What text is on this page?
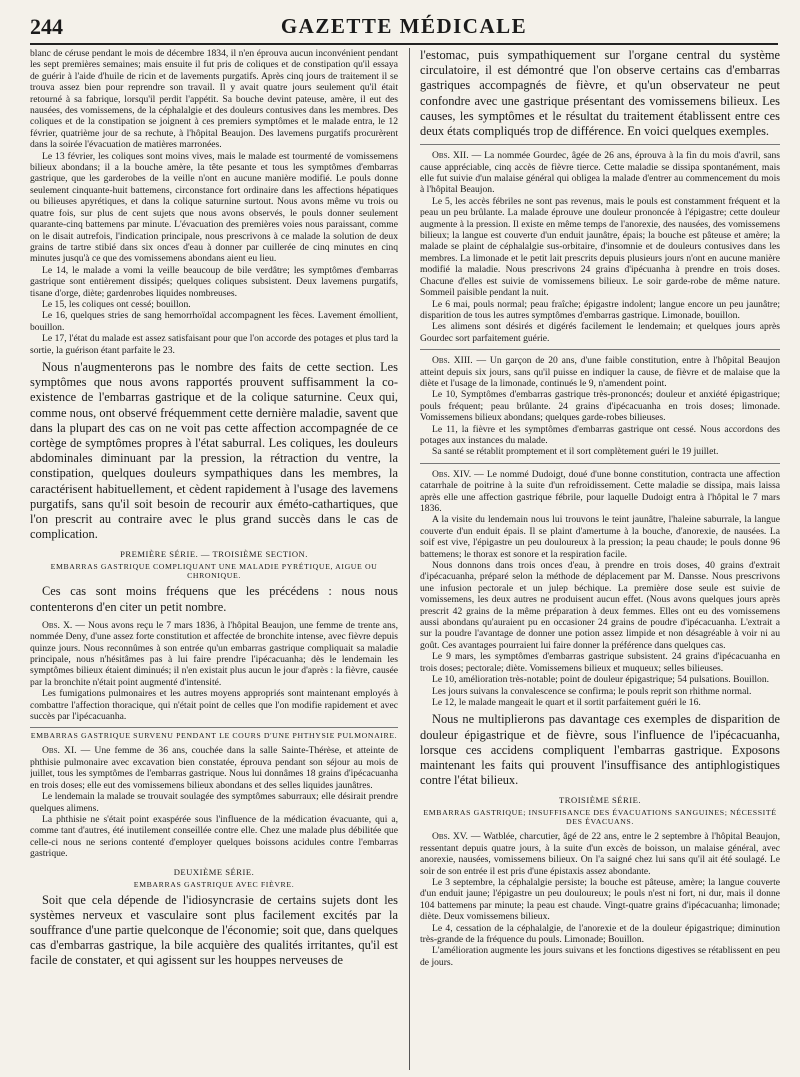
244	GAZETTE MÉDICALE

blanc de céruse pendant le mois de décembre 1834, il n'en éprouva aucun inconvénient pendant les sept premières semaines; mais ensuite il fut pris de coliques et de constipation qu'il essaya de guérir à l'aide d'huile de ricin et de lavements purgatifs. Après cinq jours de traitement il se trouva assez bien pour reprendre son travail. Il y avait quatre jours seulement qu'il était retourné à sa fabrique, lorsqu'il perdit l'appétit. Sa bouche devint pateuse, amère, il eut des nausées, des vomissemens, de la céphalalgie et des douleurs contusives dans les membres. Des coliques et de la constipation se joignent à ces premiers symptômes et le malade entra, le 12 février, quatrième jour de sa rechute, à l'hôpital Beaujon. Des lavemens purgatifs procurèrent dans la soirée l'évacuation de matières marronées.

Le 13 février, les coliques sont moins vives, mais le malade est tourmenté de vomissemens bilieux abondans; il a la bouche amère, la tête pesante et tous les symptômes d'embarras gastrique, que les garderobes de la veille n'ont en aucune manière modifié. Le pouls donne seulement cinquante-huit battemens, circonstance fort ordinaire dans les affections hépatiques ou bilieuses apyrétiques, et dans la colique saturnine surtout. Nous avons même vu trois ou quatre fois, sur plus de cent sujets que nous avons observés, le pouls donner seulement quarante-cinq battemens par minute. L'évacuation des premières voies nous paraissant, comme on le disait autrefois, l'indication principale, nous prescrivons à ce malade la solution de deux grains de tartre stibié dans six onces d'eau à donner par cuillerée de cinq minutes en cinq minutes jusqu'à ce que des vomissemens abondans aient eu lieu.

Le 14, le malade a vomi la veille beaucoup de bile verdâtre; les symptômes d'embarras gastrique sont entièrement dissipés; quelques coliques subsistent. Deux lavemens purgatifs, tisane d'orge, diète; gardenrobes liquides nombreuses.

Le 15, les coliques ont cessé; bouillon.

Le 16, quelques stries de sang hemorrhoïdal accompagnent les fèces. Lavement émollient, bouillon.

Le 17, l'état du malade est assez satisfaisant pour que l'on accorde des potages et plus tard la sortie, la guérison étant parfaite le 23.

Nous n'augmenterons pas le nombre des faits de cette section. Les symptômes que nous avons rapportés prouvent suffisamment la co-existence de l'embarras gastrique et de la colique saturnine. Ceux qui, comme nous, ont observé fréquemment cette dernière maladie, savent que dans la plupart des cas on ne voit pas cette affection accompagnée de ce cortège de symptômes propres à l'état saburral. Les coliques, les douleurs abdominales diminuant par la pression, la rétraction du ventre, la constipation, quelques douleurs sympathiques dans les membres, la caractérisent habituellement, et cèdent rapidement à l'usage des lavemens purgatifs, sans qu'il soit besoin de recourir aux éméto-cathartiques, que l'on prescrit au contraire avec le plus grand succès dans le cas de complication.

PREMIÈRE SÉRIE. — TROISIÈME SECTION.
EMBARRAS GASTRIQUE COMPLIQUANT UNE MALADIE PYRÉTIQUE, AIGUE OU CHRONIQUE.

Ces cas sont moins fréquens que les précédens : nous nous contenterons d'en citer un petit nombre.

Obs. X. — Nous avons reçu le 7 mars 1836, à l'hôpital Beaujon, une femme de trente ans, nommée Deny, d'une assez forte constitution et affectée de bronchite intense, avec fièvre depuis quinze jours. Nous reconnûmes à son entrée qu'un embarras gastrique compliquait sa maladie principale, nous n'hésitâmes pas à lui faire prendre l'ipécacuanha; dès le lendemain les symptômes bilieux étaient diminués; il n'en existait plus aucun le jour d'après : la fièvre, causée par la bronchite n'était point augmenté d'intensité.

Les fumigations pulmonaires et les autres moyens appropriés sont maintenant employés à combattre l'affection thoracique, qui n'était point de celles que l'on modifie rapidement et avec succès par l'ipécacuanha.

EMBARRAS GASTRIQUE SURVENU PENDANT LE COURS D'UNE PHTHYSIE PULMONAIRE.

Obs. XI. — Une femme de 36 ans, couchée dans la salle Sainte-Thérèse, et atteinte de phthisie pulmonaire avec excavation bien constatée, éprouva pendant son séjour au mois de juillet, tous les symptômes de l'embarras gastrique. Nous lui donnâmes 18 grains d'ipécacuanha en trois doses; elle eut des vomissemens bilieux abondans et des selles liquides jaunâtres.

Le lendemain la malade se trouvait soulagée des symptômes saburraux; elle désirait prendre quelques alimens.

La phthisie ne s'était point exaspérée sous l'influence de la médication évacuante, qui a, comme tant d'autres, été inutilement conseillée contre elle. Chez une malade plus débilitée que celle-ci nous ne serions contenté d'employer quelques boissons acidules contre l'embarras gastrique.

DEUXIÈME SÉRIE.
EMBARRAS GASTRIQUE AVEC FIÈVRE.

Soit que cela dépende de l'idiosyncrasie de certains sujets dont les systèmes nerveux et vasculaire sont plus facilement excités par la souffrance d'une partie quelconque de l'économie; soit que, dans quelques cas d'embarras gastrique, la bile acquière des qualités irritantes, qu'il est facile de constater, et qui agissent sur les houppes nerveuses de

l'estomac, puis sympathiquement sur l'organe central du système circulatoire, il est démontré que l'on observe certains cas d'embarras gastriques accompagnés de fièvre, et qu'un observateur ne peut confondre avec une gastrique présentant des vomissemens bilieux. Les causes, les symptômes et le résultat du traitement établissent entre ces deux états compliqués trop de différence. En voici quelques exemples.

Obs. XII. — La nommée Gourdec, âgée de 26 ans, éprouva à la fin du mois d'avril, sans cause appréciable, cinq accès de fièvre tierce. Cette maladie se dissipa spontanément, mais elle fut suivie d'un malaise général qui obligea la malade d'entrer au commencement du mois à l'hôpital Beaujon.

Le 5, les accès fébriles ne sont pas revenus, mais le pouls est constamment fréquent et la peau un peu brûlante. La malade éprouve une douleur prononcée à l'épigastre; cette douleur augmente à la pression. Il existe en même temps de l'anorexie, des nausées, des vomissemens bilieux; la langue est couverte d'un enduit jaunâtre, épais; la bouche est pâteuse et amère; la malade se plaint de céphalalgie sus-orbitaire, d'insomnie et de douleurs contusives dans les membres. La limonade et le petit lait prescrits depuis plusieurs jours n'ont en aucune manière modifié la maladie. Nous prescrivons 24 grains d'ipécuanha à prendre en trois doses. Chacune d'elles est suivie de vomissemens bilieux. Le soir garde-robe de même nature. Sommeil paisible pendant la nuit.

Le 6 mai, pouls normal; peau fraîche; épigastre indolent; langue encore un peu jaunâtre; disparition de tous les autres symptômes d'embarras gastrique. Limonade, bouillon.

Les alimens sont désirés et digérés facilement le lendemain; et quelques jours après Gourdec sort parfaitement guérie.

Obs. XIII. — Un garçon de 20 ans, d'une faible constitution, entre à l'hôpital Beaujon atteint depuis six jours, sans qu'il puisse en indiquer la cause, de fièvre et de malaise que la diète et l'usage de la limonade, continués le 9, n'amendent point.

Le 10, Symptômes d'embarras gastrique très-prononcés; douleur et anxiété épigastrique; pouls fréquent; peau brûlante. 24 grains d'ipécacuanha en trois doses; limonade. Vomissemens bilieux abondans; quelques garde-robes bilieuses.

Le 11, la fièvre et les symptômes d'embarras gastrique ont cessé. Nous accordons des potages aux instances du malade.

Sa santé se rétablit promptement et il sort complètement guéri le 19 juillet.

Obs. XIV. — Le nommé Dudoigt, doué d'une bonne constitution, contracta une affection catarrhale de poitrine à la suite d'un refroidissement. Cette maladie se dissipa, mais laissa après elle une affection gastrique fébrile, pour laquelle Dudoigt entra à l'hôpital le 7 mars 1836.

A la visite du lendemain nous lui trouvons le teint jaunâtre, l'haleine saburrale, la langue couverte d'un enduit épais. Il se plaint d'amertume à la bouche, d'anorexie, de nausées. La soif est vive, l'épigastre un peu douloureux à la pression; la peau chaude; le pouls donne 96 battemens; le thorax est sonore et la respiration facile.

Nous donnons dans trois onces d'eau, à prendre en trois doses, 40 grains d'extrait d'ipécacuanha, préparé selon la méthode de déplacement par M. Dansse. Nous prescrivons une infusion pectorale et un julep béchique. La première dose seule est suivie de vomissemens, les deux autres ne produisent aucun effet. (Nous avons quelques jours après prescrit 42 grains de la même préparation à deux femmes. Elles ont eu des vomissemens aussi abondans qu'auraient pu en occasioner 24 grains de poudre d'ipécacuanha. L'extrait a sur la poudre l'avantage de donner une potion assez limpide et non désagréable à voir ni au goût. Ces avantages pourraient lui faire donner la préférence dans quelques cas.

Le 9 mars, les symptômes d'embarras gastrique subsistent. 24 grains d'ipécacuanha en trois doses; pectorale; diète. Vomissemens bilieux et muqueux; selles bilieuses.

Le 10, amélioration très-notable; point de douleur épigastrique; 54 pulsations. Bouillon.

Les jours suivans la convalescence se confirma; le pouls reprit son rhithme normal.

Le 12, le malade mangeait le quart et il sortit parfaitement guéri le 16.

Nous ne multiplierons pas davantage ces exemples de disparition de douleur épigastrique et de fièvre, sous l'influence de l'ipécacuanha, lorsque ces accidens compliquent l'embarras gastrique. Exposons maintenant les faits qui prouvent l'insuffisance des antiphlogistiques contre l'état bilieux.

TROISIÈME SÉRIE.
EMBARRAS GASTRIQUE; INSUFFISANCE DES ÉVACUATIONS SANGUINES; NÉCESSITÉ DES ÉVACUANS.

Obs. XV. — Watblée, charcutier, âgé de 22 ans, entre le 2 septembre à l'hôpital Beaujon, ressentant depuis quatre jours, à la suite d'un excès de boisson, un malaise général, avec anorexie, nausées, vomissemens bilieux. On l'a saigné chez lui sans qu'il ait été soulagé. Le soir de son entrée il est pris d'une épistaxis assez abondante.

Le 3 septembre, la céphalalgie persiste; la bouche est pâteuse, amère; la langue couverte d'un enduit jaune; l'épigastre un peu douloureux; le pouls n'est ni fort, ni dur, mais il donne 104 battemens par minute; la peau est chaude. Vingt-quatre grains d'ipécacuanha; limonade; diète. Deux vomissemens bilieux.

Le 4, cessation de la céphalalgie, de l'anorexie et de la douleur épigastrique; diminution très-grande de la fréquence du pouls. Limonade; Bouillon.

L'amélioration augmente les jours suivans et les fonctions digestives se rétablissent en peu de jours.
